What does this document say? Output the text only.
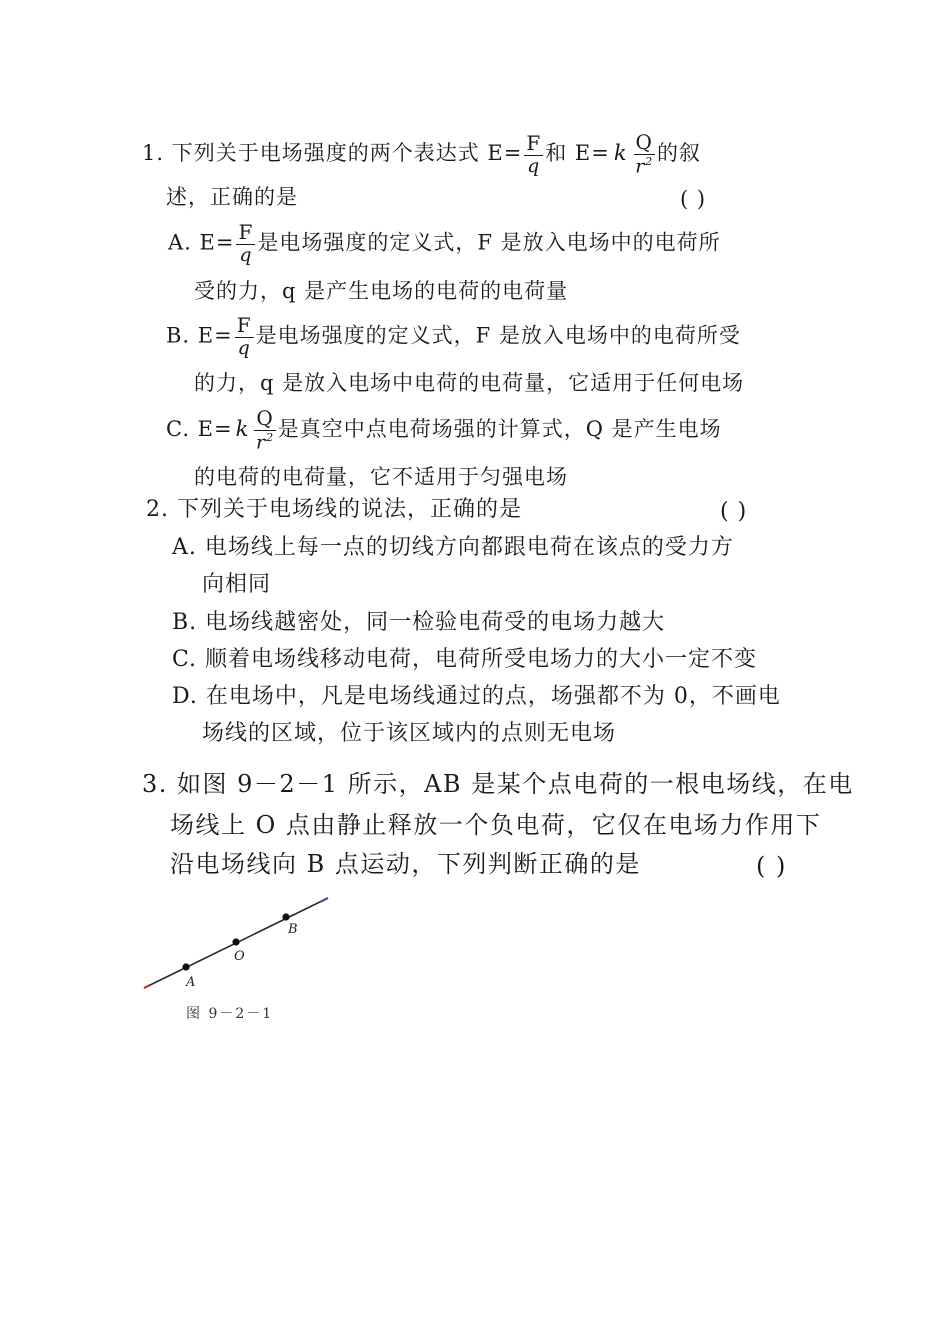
1. 下列关于电场强度的两个表达式 $E= \frac{F}{q}$ 和 E= k $\frac{Q}{r^2}$ 的叙
述，正确的是	( )
A. $E= \frac{F}{q}$ 是电场强度的定义式，F 是放入电场中的电荷所
受的力，q 是产生电场的电荷的电荷量
B. $E= \frac{F}{q}$ 是电场强度的定义式，F 是放入电场中的电荷所受
的力，q 是放入电场中电荷的电荷量，它适用于任何电场
C. E= k $\frac{Q}{r^2}$ 是真空中点电荷场强的计算式，Q 是产生电场
的电荷的电荷量，它不适用于匀强电场
2. 下列关于电场线的说法，正确的是	( )
A. 电场线上每一点的切线方向都跟电荷在该点的受力方
向相同
B. 电场线越密处，同一检验电荷受的电场力越大
C. 顺着电场线移动电荷，电荷所受电场力的大小一定不变
D. 在电场中，凡是电场线通过的点，场强都不为 0，不画电
场线的区域，位于该区域内的点则无电场
3. 如图 9－2－1 所示，AB 是某个点电荷的一根电场线，在电
场线上 O 点由静止释放一个负电荷，它仅在电场力作用下
沿电场线向 B 点运动，下列判断正确的是	( )
A
O
B
图 9－2－1
